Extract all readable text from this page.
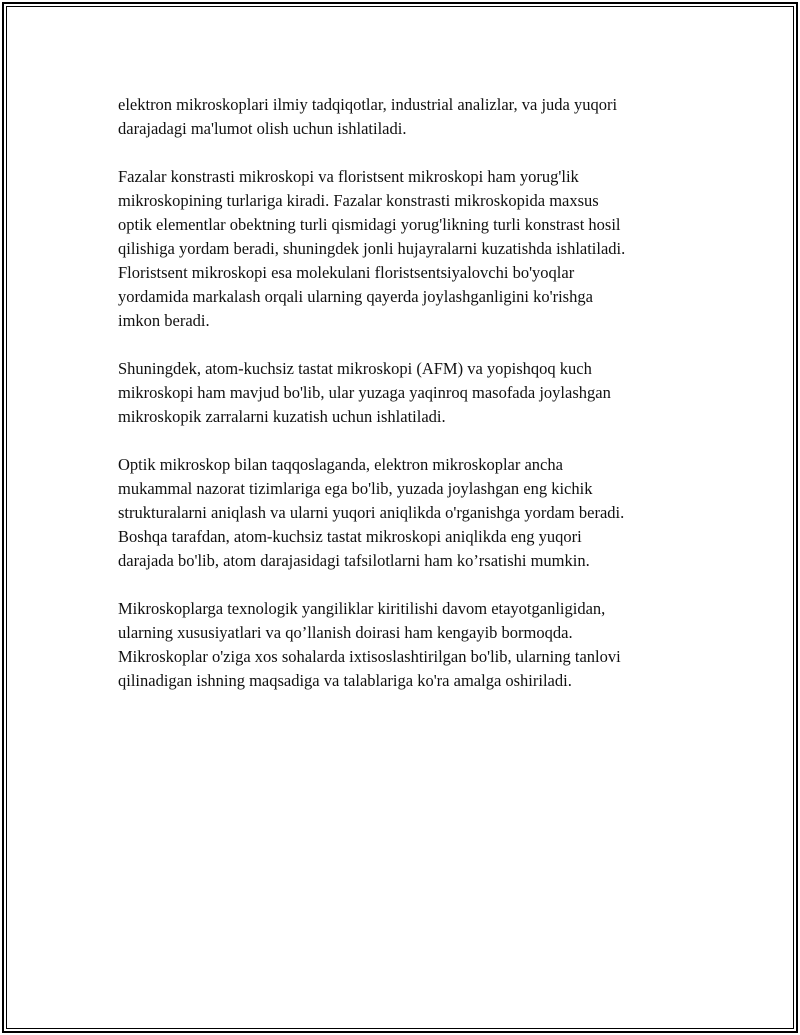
elektron mikroskoplari ilmiy tadqiqotlar, industrial analizlar, va juda yuqori
darajadagi ma'lumot olish uchun ishlatiladi.

Fazalar konstrasti mikroskopi va floristsent mikroskopi ham yorug'lik
mikroskopining turlariga kiradi. Fazalar konstrasti mikroskopida maxsus
optik elementlar obektning turli qismidagi yorug'likning turli konstrast hosil
qilishiga yordam beradi, shuningdek jonli hujayralarni kuzatishda ishlatiladi.
Floristsent mikroskopi esa molekulani floristsentsiyalovchi bo'yoqlar
yordamida markalash orqali ularning qayerda joylashganligini ko'rishga
imkon beradi.

Shuningdek, atom-kuchsiz tastat mikroskopi (AFM) va yopishqoq kuch
mikroskopi ham mavjud bo'lib, ular yuzaga yaqinroq masofada joylashgan
mikroskopik zarralarni kuzatish uchun ishlatiladi.

Optik mikroskop bilan taqqoslaganda, elektron mikroskoplar ancha
mukammal nazorat tizimlariga ega bo'lib, yuzada joylashgan eng kichik
strukturalarni aniqlash va ularni yuqori aniqlikda o'rganishga yordam beradi.
Boshqa tarafdan, atom-kuchsiz tastat mikroskopi aniqlikda eng yuqori
darajada bo'lib, atom darajasidagi tafsilotlarni ham ko’rsatishi mumkin.

Mikroskoplarga texnologik yangiliklar kiritilishi davom etayotganligidan,
ularning xususiyatlari va qo’llanish doirasi ham kengayib bormoqda.
Mikroskoplar o'ziga xos sohalarda ixtisoslashtirilgan bo'lib, ularning tanlovi
qilinadigan ishning maqsadiga va talablariga ko'ra amalga oshiriladi.
